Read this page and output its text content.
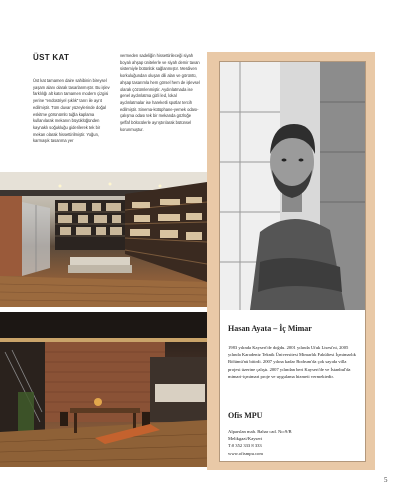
ÜST KAT

Üst kat tamamen daire sahibinin bireysel yaşam alanı olarak tasarlanmıştır. Bu işlev farklılığı alt katın tamamen modern çizgisi yerine “endüstriyel şıklık” tanrı ile ayrıt edilmiştir. Tüm duvar yüzeylerinde doğal eskitme görünümlü tuğla kaplama kullanılarak mekanın büyüklüğünden kaynaklı soğukluğu giderilerek tek bir mekan olarak hissettirilmiştir. Yoğun, karmaşık tasarıma yer

vermeden sadeliğin hissettirileceği siyah boyalı ahşap ünitelerle ve siyah demir tavan sistemiyle bütünlük sağlanmıştır. Merdiven korkuluğundan oluşan dili alan ve görüntü, ahşap tasarımla hem görsel hem de işlevsel olarak çözümlenmiştir. Aydınlatmada ise genel aydınlatma gizli led, lokal aydınlatmalar ise hareketli spotlar tercih edilmiştir. Sinema-kütüphane-yemek odası-çalışma odası tek bir mekanda gözlüğe şeffaf bölücülerle ayrıştırılarak bütünsel korunmuştur.

Hasan Ayata – İç Mimar

1983 yılında Kayseri'de doğdu. 2001 yılında Ufuk Lisesi'ni, 2005 yılında Karadeniz Teknik Üniversitesi Mimarlık Fakültesi İçmimarlık Bölümü'nü bitirdi. 2007 yılına kadar Bodrum'da çok sayıda villa projesi üzerine çalıştı. 2007 yılından beri Kayseri'de ve İstanbul'da mimari-içmimari proje ve uygulama hizmeti vermektedir.

Ofis MPU

Alparslan mah. Bahar cad. No:9/B
Melikgazi/Kayseri
T:0 352 333 8 333
www.ofismpu.com
5
